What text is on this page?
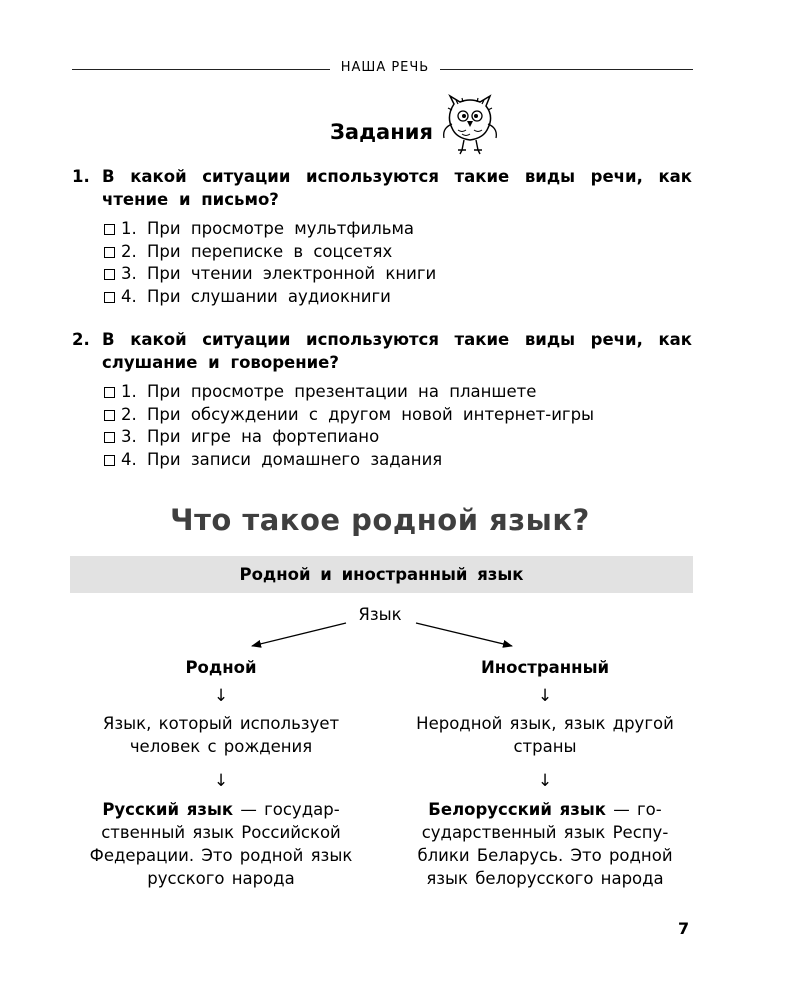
НАША РЕЧЬ
Задания
1. В какой ситуации используются такие виды речи, как чтение и письмо?
1. При просмотре мультфильма
2. При переписке в соцсетях
3. При чтении электронной книги
4. При слушании аудиокниги
2. В какой ситуации используются такие виды речи, как слушание и говорение?
1. При просмотре презентации на планшете
2. При обсуждении с другом новой интернет-игры
3. При игре на фортепиано
4. При записи домашнего задания
Что такое родной язык?
Родной и иностранный язык
Язык
Родной
↓
Язык, который использует человек с рождения
↓
Русский язык — государ-ственный язык Российской Федерации. Это родной язык русского народа
Иностранный
↓
Неродной язык, язык другой страны
↓
Белорусский язык — го-сударственный язык Респу-блики Беларусь. Это родной язык белорусского народа
7
